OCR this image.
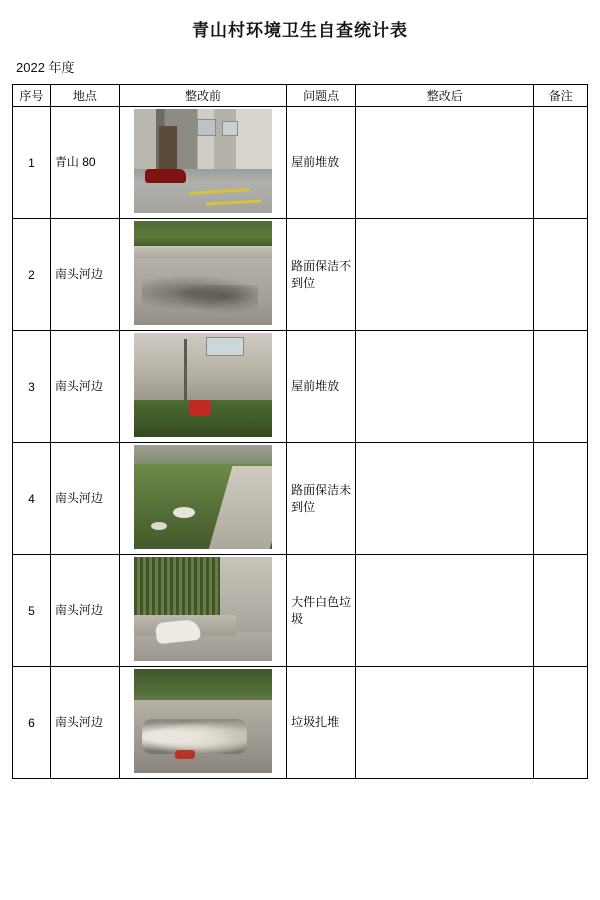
青山村环境卫生自查统计表
2022 年度
序号	地点	整改前	问题点	整改后	备注
1	青山 80		屋前堆放		
2	南头河边		路面保洁不到位		
3	南头河边		屋前堆放		
4	南头河边		路面保洁未到位		
5	南头河边		大件白色垃圾		
6	南头河边		垃圾扎堆		
